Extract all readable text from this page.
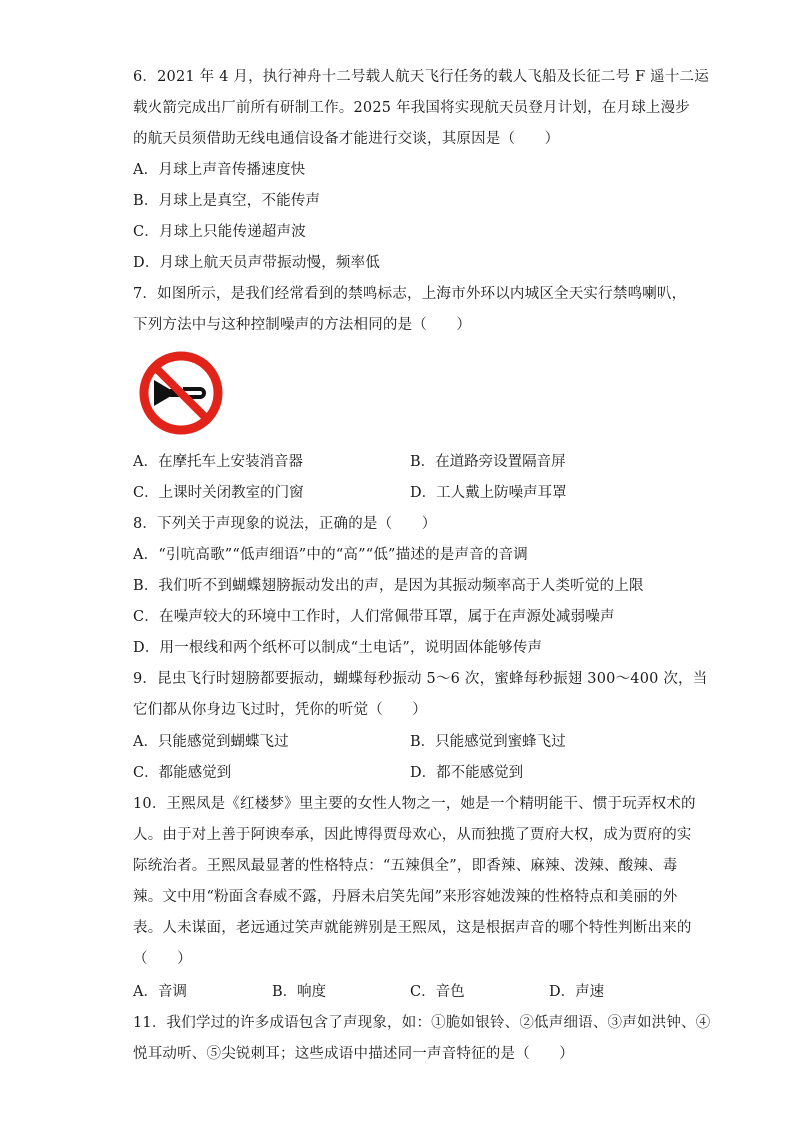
6．2021 年 4 月，执行神舟十二号载人航天飞行任务的载人飞船及长征二号 F 遥十二运
载火箭完成出厂前所有研制工作。2025 年我国将实现航天员登月计划，在月球上漫步
的航天员须借助无线电通信设备才能进行交谈，其原因是（　　）
A．月球上声音传播速度快
B．月球上是真空，不能传声
C．月球上只能传递超声波
D．月球上航天员声带振动慢，频率低
7．如图所示，是我们经常看到的禁鸣标志，上海市外环以内城区全天实行禁鸣喇叭，
下列方法中与这种控制噪声的方法相同的是（　　）
A．在摩托车上安装消音器	B．在道路旁设置隔音屏
C．上课时关闭教室的门窗	D．工人戴上防噪声耳罩
8．下列关于声现象的说法，正确的是（　　）
A．“引吭高歌”“低声细语”中的“高”“低”描述的是声音的音调
B．我们听不到蝴蝶翅膀振动发出的声，是因为其振动频率高于人类听觉的上限
C．在噪声较大的环境中工作时，人们常佩带耳罩，属于在声源处减弱噪声
D．用一根线和两个纸杯可以制成“土电话”，说明固体能够传声
9．昆虫飞行时翅膀都要振动，蝴蝶每秒振动 5～6 次，蜜蜂每秒振翅 300～400 次，当
它们都从你身边飞过时，凭你的听觉（　　）
A．只能感觉到蝴蝶飞过	B．只能感觉到蜜蜂飞过
C．都能感觉到	D．都不能感觉到
10．王熙凤是《红楼梦》里主要的女性人物之一，她是一个精明能干、惯于玩弄权术的
人。由于对上善于阿谀奉承，因此博得贾母欢心，从而独揽了贾府大权，成为贾府的实
际统治者。王熙凤最显著的性格特点：“五辣俱全”，即香辣、麻辣、泼辣、酸辣、毒
辣。文中用“粉面含春威不露，丹唇未启笑先闻”来形容她泼辣的性格特点和美丽的外
表。人未谋面，老远通过笑声就能辨别是王熙凤，这是根据声音的哪个特性判断出来的
（　　）
A．音调	B．响度	C．音色	D．声速
11．我们学过的许多成语包含了声现象，如：①脆如银铃、②低声细语、③声如洪钟、④
悦耳动听、⑤尖锐刺耳；这些成语中描述同一声音特征的是（　　）
